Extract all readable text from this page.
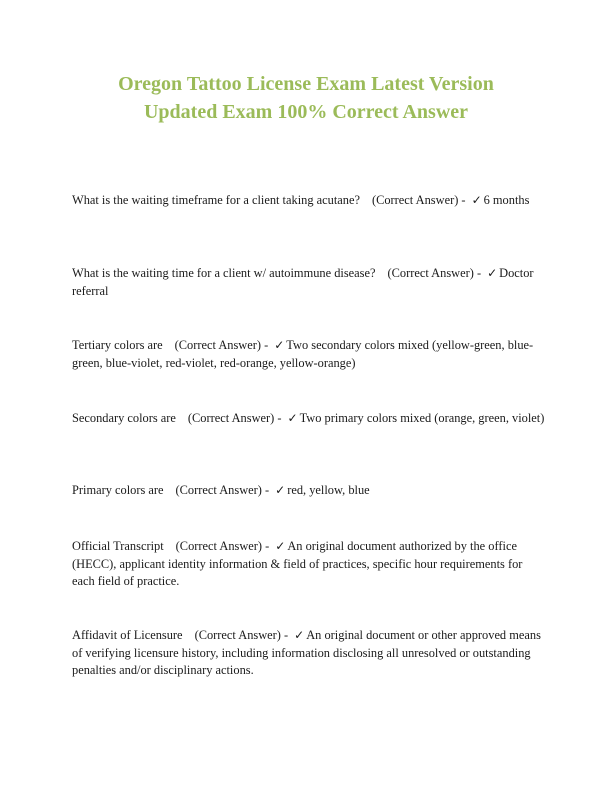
Oregon Tattoo License Exam Latest Version
Updated Exam 100% Correct Answer
What is the waiting timeframe for a client taking acutane? (Correct Answer) - ✓ 6 months
What is the waiting time for a client w/ autoimmune disease? (Correct Answer) - ✓ Doctor referral
Tertiary colors are (Correct Answer) - ✓ Two secondary colors mixed (yellow-green, blue-green, blue-violet, red-violet, red-orange, yellow-orange)
Secondary colors are (Correct Answer) - ✓ Two primary colors mixed (orange, green, violet)
Primary colors are (Correct Answer) - ✓ red, yellow, blue
Official Transcript (Correct Answer) - ✓ An original document authorized by the office (HECC), applicant identity information & field of practices, specific hour requirements for each field of practice.
Affidavit of Licensure (Correct Answer) - ✓ An original document or other approved means of verifying licensure history, including information disclosing all unresolved or outstanding penalties and/or disciplinary actions.
